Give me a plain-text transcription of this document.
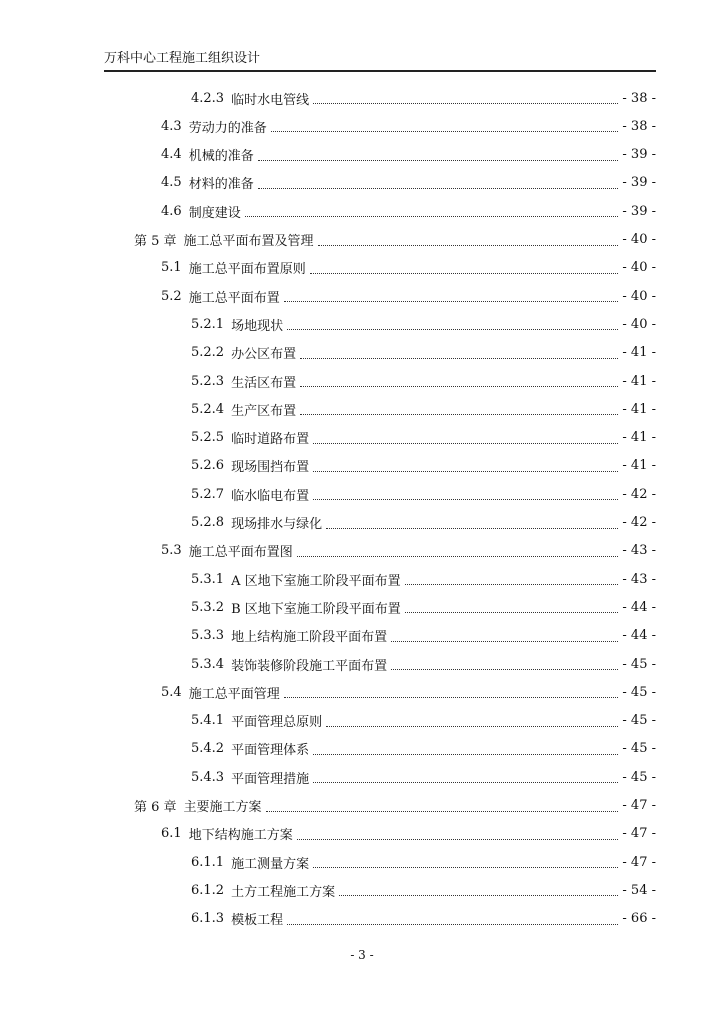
万科中心工程施工组织设计
4.2.3 临时水电管线	- 38 -
4.3 劳动力的准备	- 38 -
4.4 机械的准备	- 39 -
4.5 材料的准备	- 39 -
4.6 制度建设	- 39 -
第 5 章 施工总平面布置及管理	- 40 -
5.1 施工总平面布置原则	- 40 -
5.2 施工总平面布置	- 40 -
5.2.1 场地现状	- 40 -
5.2.2 办公区布置	- 41 -
5.2.3 生活区布置	- 41 -
5.2.4 生产区布置	- 41 -
5.2.5 临时道路布置	- 41 -
5.2.6 现场围挡布置	- 41 -
5.2.7 临水临电布置	- 42 -
5.2.8 现场排水与绿化	- 42 -
5.3 施工总平面布置图	- 43 -
5.3.1 A 区地下室施工阶段平面布置	- 43 -
5.3.2 B 区地下室施工阶段平面布置	- 44 -
5.3.3 地上结构施工阶段平面布置	- 44 -
5.3.4 装饰装修阶段施工平面布置	- 45 -
5.4 施工总平面管理	- 45 -
5.4.1 平面管理总原则	- 45 -
5.4.2 平面管理体系	- 45 -
5.4.3 平面管理措施	- 45 -
第 6 章 主要施工方案	- 47 -
6.1 地下结构施工方案	- 47 -
6.1.1 施工测量方案	- 47 -
6.1.2 土方工程施工方案	- 54 -
6.1.3 模板工程	- 66 -
- 3 -
